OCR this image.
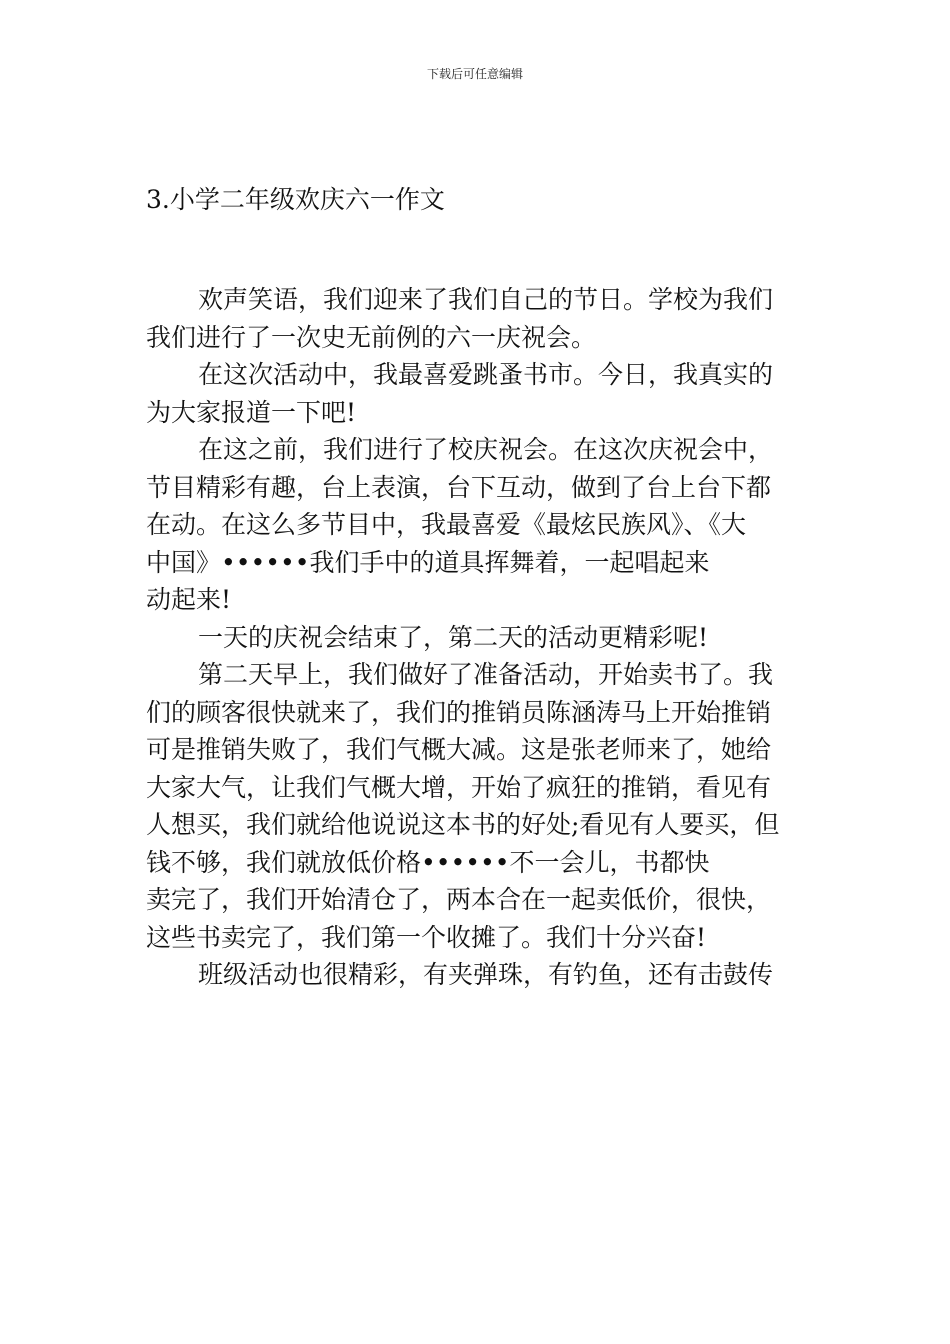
下载后可任意编辑
3.小学二年级欢庆六一作文
欢声笑语，我们迎来了我们自己的节日。学校为我们
我们进行了一次史无前例的六一庆祝会。
在这次活动中，我最喜爱跳蚤书市。今日，我真实的
为大家报道一下吧!
在这之前，我们进行了校庆祝会。在这次庆祝会中，
节目精彩有趣，台上表演，台下互动，做到了台上台下都
在动。在这么多节目中，我最喜爱《最炫民族风》、《大
中国》••••••我们手中的道具挥舞着，一起唱起来
动起来!
一天的庆祝会结束了，第二天的活动更精彩呢!
第二天早上，我们做好了准备活动，开始卖书了。我
们的顾客很快就来了，我们的推销员陈涵涛马上开始推销
可是推销失败了，我们气概大减。这是张老师来了，她给
大家大气，让我们气概大增，开始了疯狂的推销，看见有
人想买，我们就给他说说这本书的好处;看见有人要买，但
钱不够，我们就放低价格••••••不一会儿，书都快
卖完了，我们开始清仓了，两本合在一起卖低价，很快，
这些书卖完了，我们第一个收摊了。我们十分兴奋!
班级活动也很精彩，有夹弹珠，有钓鱼，还有击鼓传
